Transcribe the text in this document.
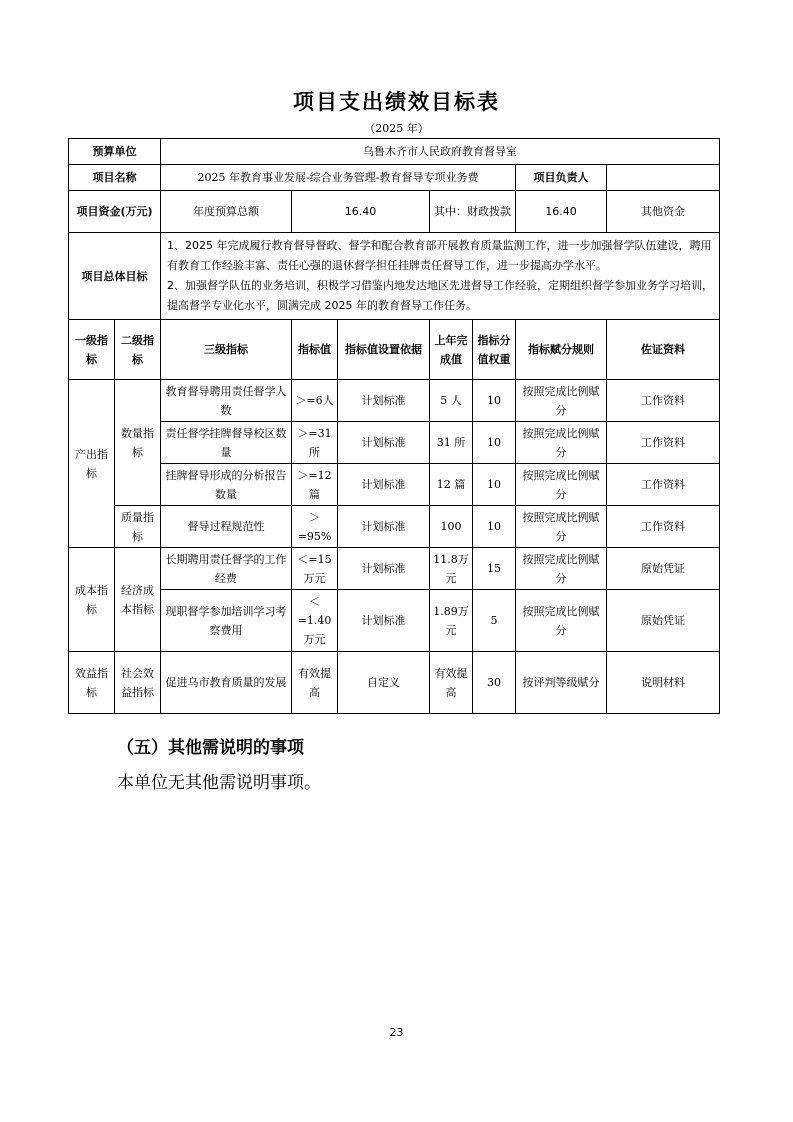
项目支出绩效目标表
（2025 年）
预算单位		乌鲁木齐市人民政府教育督导室						
项目名称		2025 年教育事业发展-综合业务管理-教育督导专项业务费					项目负责人	
项目资金(万元)		年度预算总额	16.40		其中：财政拨款		16.40	其他资金
项目总体目标		1、2025 年完成履行教育督导督政、督学和配合教育部开展教育质量监测工作，进一步加强督学队伍建设，聘用有教育工作经验丰富、责任心强的退休督学担任挂牌责任督导工作，进一步提高办学水平。
2、加强督学队伍的业务培训，积极学习借鉴内地发达地区先进督导工作经验，定期组织督学参加业务学习培训，提高督学专业化水平，圆满完成 2025 年的教育督导工作任务。						

一级指标	二级指标	三级指标	指标值	指标值设置依据	上年完成值	指标分值权重	指标赋分规则	佐证资料
产出指标	数量指标	教育督导聘用责任督学人数	＞=6人	计划标准	5 人	10	按照完成比例赋分	工作资料
		责任督学挂牌督导校区数量	＞=31所	计划标准	31 所	10	按照完成比例赋分	工作资料
		挂牌督导形成的分析报告数量	＞=12篇	计划标准	12 篇	10	按照完成比例赋分	工作资料
	质量指标	督导过程规范性	＞=95%	计划标准	100	10	按照完成比例赋分	工作资料
成本指标	经济成本指标	长期聘用责任督学的工作经费	＜=15万元	计划标准	11.8万元	15	按照完成比例赋分	原始凭证
		现职督学参加培训学习考察费用	＜=1.40万元	计划标准	1.89万元	5	按照完成比例赋分	原始凭证
效益指标	社会效益指标	促进乌市教育质量的发展	有效提高	自定义	有效提高	30	按评判等级赋分	说明材料
（五）其他需说明的事项
本单位无其他需说明事项。
23
